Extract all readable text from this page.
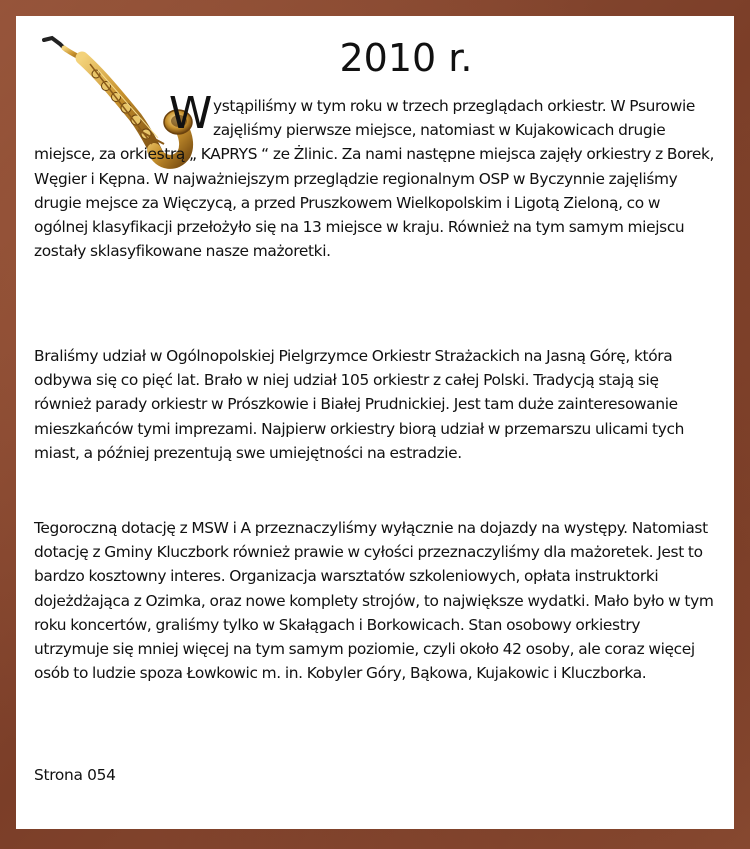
2010 r.

Wystąpiliśmy w tym roku w trzech przeglądach orkiestr. W Psurowie zajęliśmy pierwsze miejsce, natomiast w Kujakowicach drugie miejsce, za orkiestrą „ KAPRYS “ ze Żlinic. Za nami następne miejsca zajęły orkiestry z Borek, Węgier i Kępna. W najważniejszym przeglądzie regionalnym OSP w Byczynnie zajęliśmy drugie mejsce za Więczycą, a przed Pruszkowem Wielkopolskim i Ligotą Zieloną, co w ogólnej klasyfikacji przełożyło się na 13 miejsce w kraju. Również na tym samym miejscu zostały sklasyfikowane nasze mażoretki.

Braliśmy udział w Ogólnopolskiej Pielgrzymce Orkiestr Strażackich na Jasną Górę, która odbywa się co pięć lat. Brało w niej udział 105 orkiestr z całej Polski. Tradycją stają się również parady orkiestr w Prószkowie i Białej Prudnickiej. Jest tam duże zainteresowanie mieszkańców tymi imprezami. Najpierw orkiestry biorą udział w przemarszu ulicami tych miast, a później prezentują swe umiejętności na estradzie.

Tegoroczną dotację z MSW i A przeznaczyliśmy wyłącznie na dojazdy na występy. Natomiast dotację z Gminy Kluczbork również prawie w cyłości przeznaczyliśmy dla mażoretek. Jest to bardzo kosztowny interes. Organizacja warsztatów szkoleniowych, opłata instruktorki dojeżdżająca z Ozimka, oraz nowe komplety strojów, to największe wydatki. Mało było w tym roku koncertów, graliśmy tylko w Skałągach i Borkowicach. Stan osobowy orkiestry utrzymuje się mniej więcej na tym samym poziomie, czyli około 42 osoby, ale coraz więcej osób to ludzie spoza Łowkowic m. in. Kobyler Góry, Bąkowa, Kujakowic i Kluczborka.

Strona 054
